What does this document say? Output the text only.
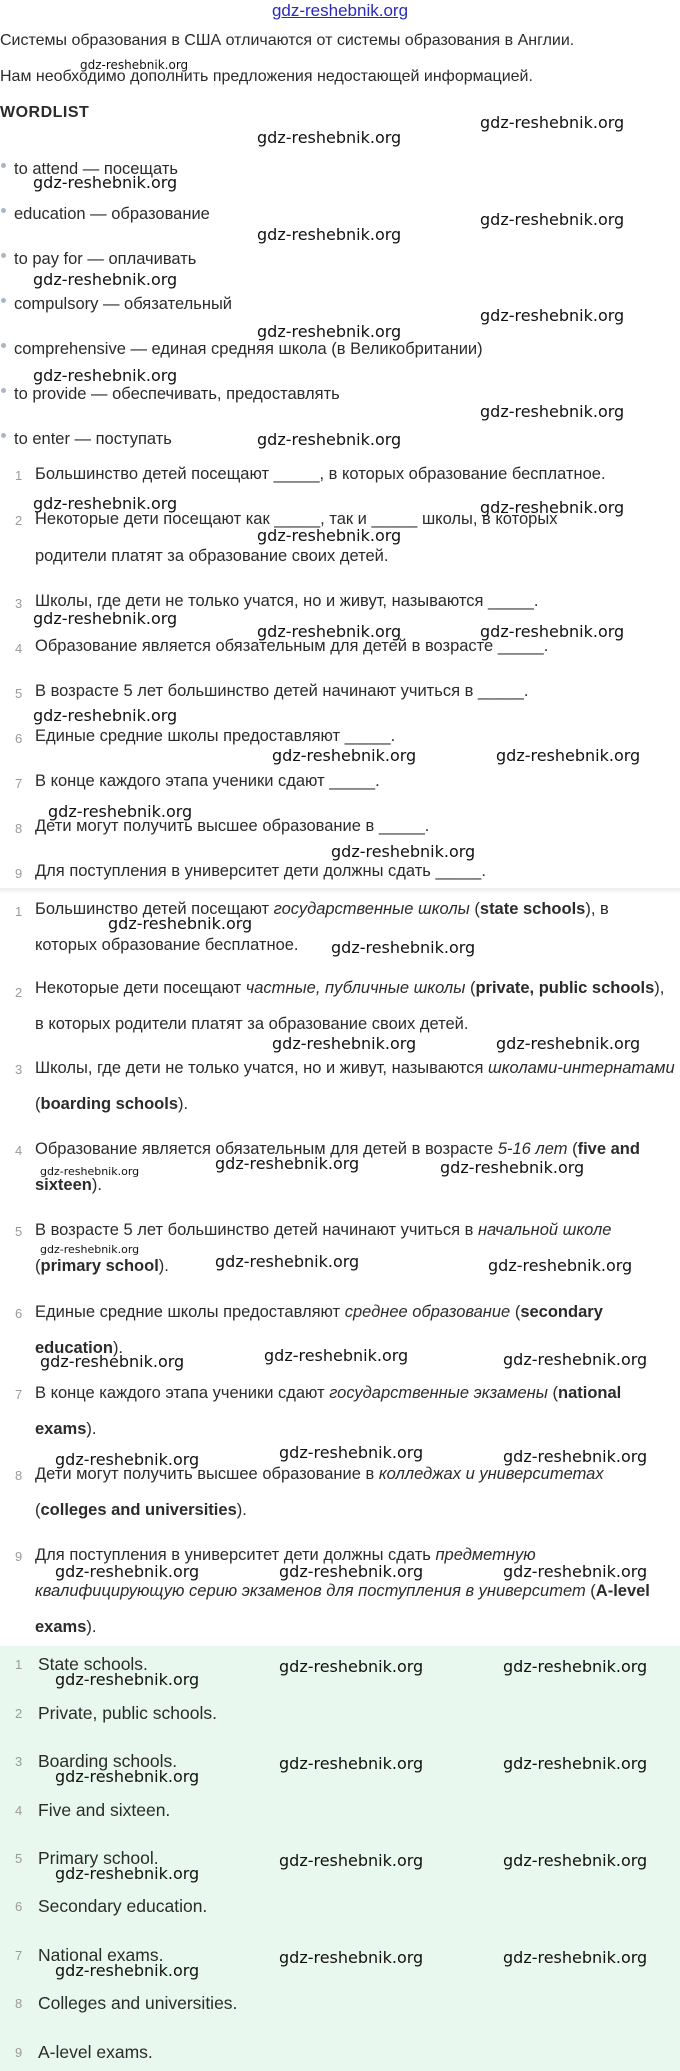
gdz-reshebnik.org
Системы образования в США отличаются от системы образования в Англии.
Нам необходимо дополнить предложения недостающей информацией.
WORDLIST
to attend — посещать
education — образование
to pay for — оплачивать
compulsory — обязательный
comprehensive — единая средняя школа (в Великобритании)
to provide — обеспечивать, предоставлять
to enter — поступать
1 Большинство детей посещают _____, в которых образование бесплатное.
2 Некоторые дети посещают как _____, так и _____ школы, в которых
родители платят за образование своих детей.
3 Школы, где дети не только учатся, но и живут, называются _____.
4 Образование является обязательным для детей в возрасте _____.
5 В возрасте 5 лет большинство детей начинают учиться в _____.
6 Единые средние школы предоставляют _____.
7 В конце каждого этапа ученики сдают _____.
8 Дети могут получить высшее образование в _____.
9 Для поступления в университет дети должны сдать _____.
1 Большинство детей посещают государственные школы (state schools), в которых образование бесплатное.
2 Некоторые дети посещают частные, публичные школы (private, public schools), в которых родители платят за образование своих детей.
3 Школы, где дети не только учатся, но и живут, называются школами-интернатами (boarding schools).
4 Образование является обязательным для детей в возрасте 5-16 лет (five and sixteen).
5 В возрасте 5 лет большинство детей начинают учиться в начальной школе (primary school).
6 Единые средние школы предоставляют среднее образование (secondary education).
7 В конце каждого этапа ученики сдают государственные экзамены (national exams).
8 Дети могут получить высшее образование в колледжах и университетах (colleges and universities).
9 Для поступления в университет дети должны сдать предметную квалифицирующую серию экзаменов для поступления в университет (A-level exams).
1 State schools.
2 Private, public schools.
3 Boarding schools.
4 Five and sixteen.
5 Primary school.
6 Secondary education.
7 National exams.
8 Colleges and universities.
9 A-level exams.
gdz-reshebnik.org
gdz-reshebnik.org
gdz-reshebnik.org
gdz-reshebnik.org
gdz-reshebnik.org
gdz-reshebnik.org
gdz-reshebnik.org
gdz-reshebnik.org
gdz-reshebnik.org
gdz-reshebnik.org
gdz-reshebnik.org
gdz-reshebnik.org
gdz-reshebnik.org	gdz-reshebnik.org
gdz-reshebnik.org
gdz-reshebnik.org
gdz-reshebnik.org	gdz-reshebnik.org
gdz-reshebnik.org
gdz-reshebnik.org	gdz-reshebnik.org
gdz-reshebnik.org
gdz-reshebnik.org
gdz-reshebnik.org
gdz-reshebnik.org
gdz-reshebnik.org	gdz-reshebnik.org
gdz-reshebnik.org	gdz-reshebnik.org	gdz-reshebnik.org
gdz-reshebnik.org
gdz-reshebnik.org	gdz-reshebnik.org
gdz-reshebnik.org	gdz-reshebnik.org	gdz-reshebnik.org
gdz-reshebnik.org	gdz-reshebnik.org	gdz-reshebnik.org
gdz-reshebnik.org	gdz-reshebnik.org	gdz-reshebnik.org
gdz-reshebnik.org
gdz-reshebnik.org	gdz-reshebnik.org
gdz-reshebnik.org
gdz-reshebnik.org	gdz-reshebnik.org
gdz-reshebnik.org
gdz-reshebnik.org	gdz-reshebnik.org
gdz-reshebnik.org
gdz-reshebnik.org	gdz-reshebnik.org
